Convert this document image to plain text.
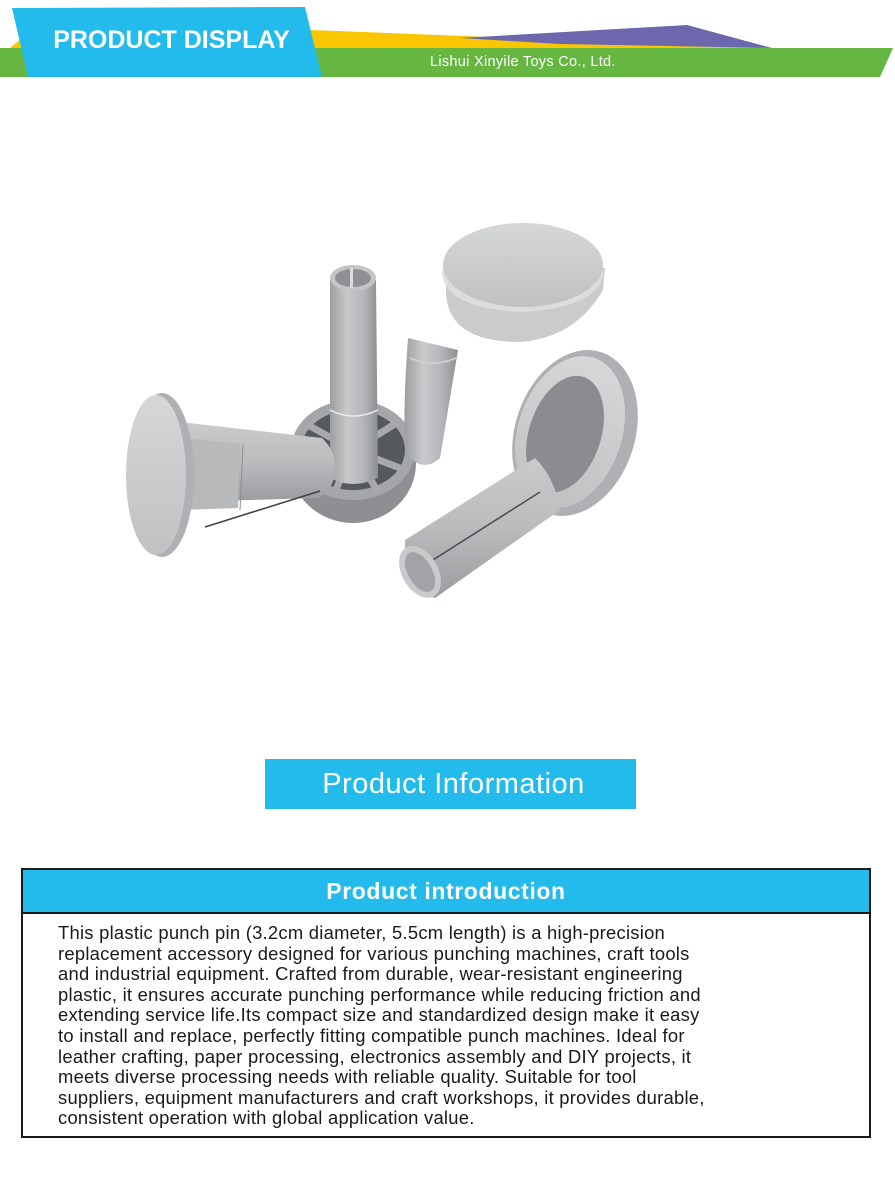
PRODUCT DISPLAY
Lishui Xinyile Toys Co., Ltd.
Product Information
Product introduction
This plastic punch pin (3.2cm diameter, 5.5cm length) is a high-precision
replacement accessory designed for various punching machines, craft tools
and industrial equipment. Crafted from durable, wear-resistant engineering
plastic, it ensures accurate punching performance while reducing friction and
extending service life.Its compact size and standardized design make it easy
to install and replace, perfectly fitting compatible punch machines. Ideal for
leather crafting, paper processing, electronics assembly and DIY projects, it
meets diverse processing needs with reliable quality. Suitable for tool
suppliers, equipment manufacturers and craft workshops, it provides durable,
consistent operation with global application value.
